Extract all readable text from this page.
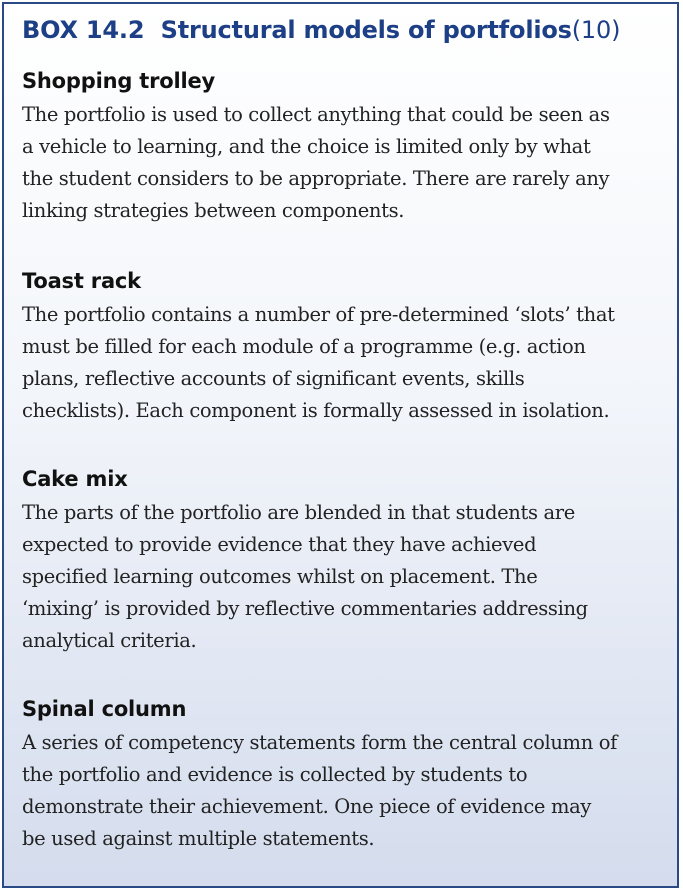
BOX 14.2 Structural models of portfolios(10)
Shopping trolley

The portfolio is used to collect anything that could be seen as
a vehicle to learning, and the choice is limited only by what
the student considers to be appropriate. There are rarely any
linking strategies between components.

Toast rack

The portfolio contains a number of pre-determined ‘slots’ that
must be filled for each module of a programme (e.g. action
plans, reflective accounts of significant events, skills
checklists). Each component is formally assessed in isolation.

Cake mix

The parts of the portfolio are blended in that students are
expected to provide evidence that they have achieved
specified learning outcomes whilst on placement. The
‘mixing’ is provided by reflective commentaries addressing
analytical criteria.

Spinal column

A series of competency statements form the central column of
the portfolio and evidence is collected by students to
demonstrate their achievement. One piece of evidence may
be used against multiple statements.
